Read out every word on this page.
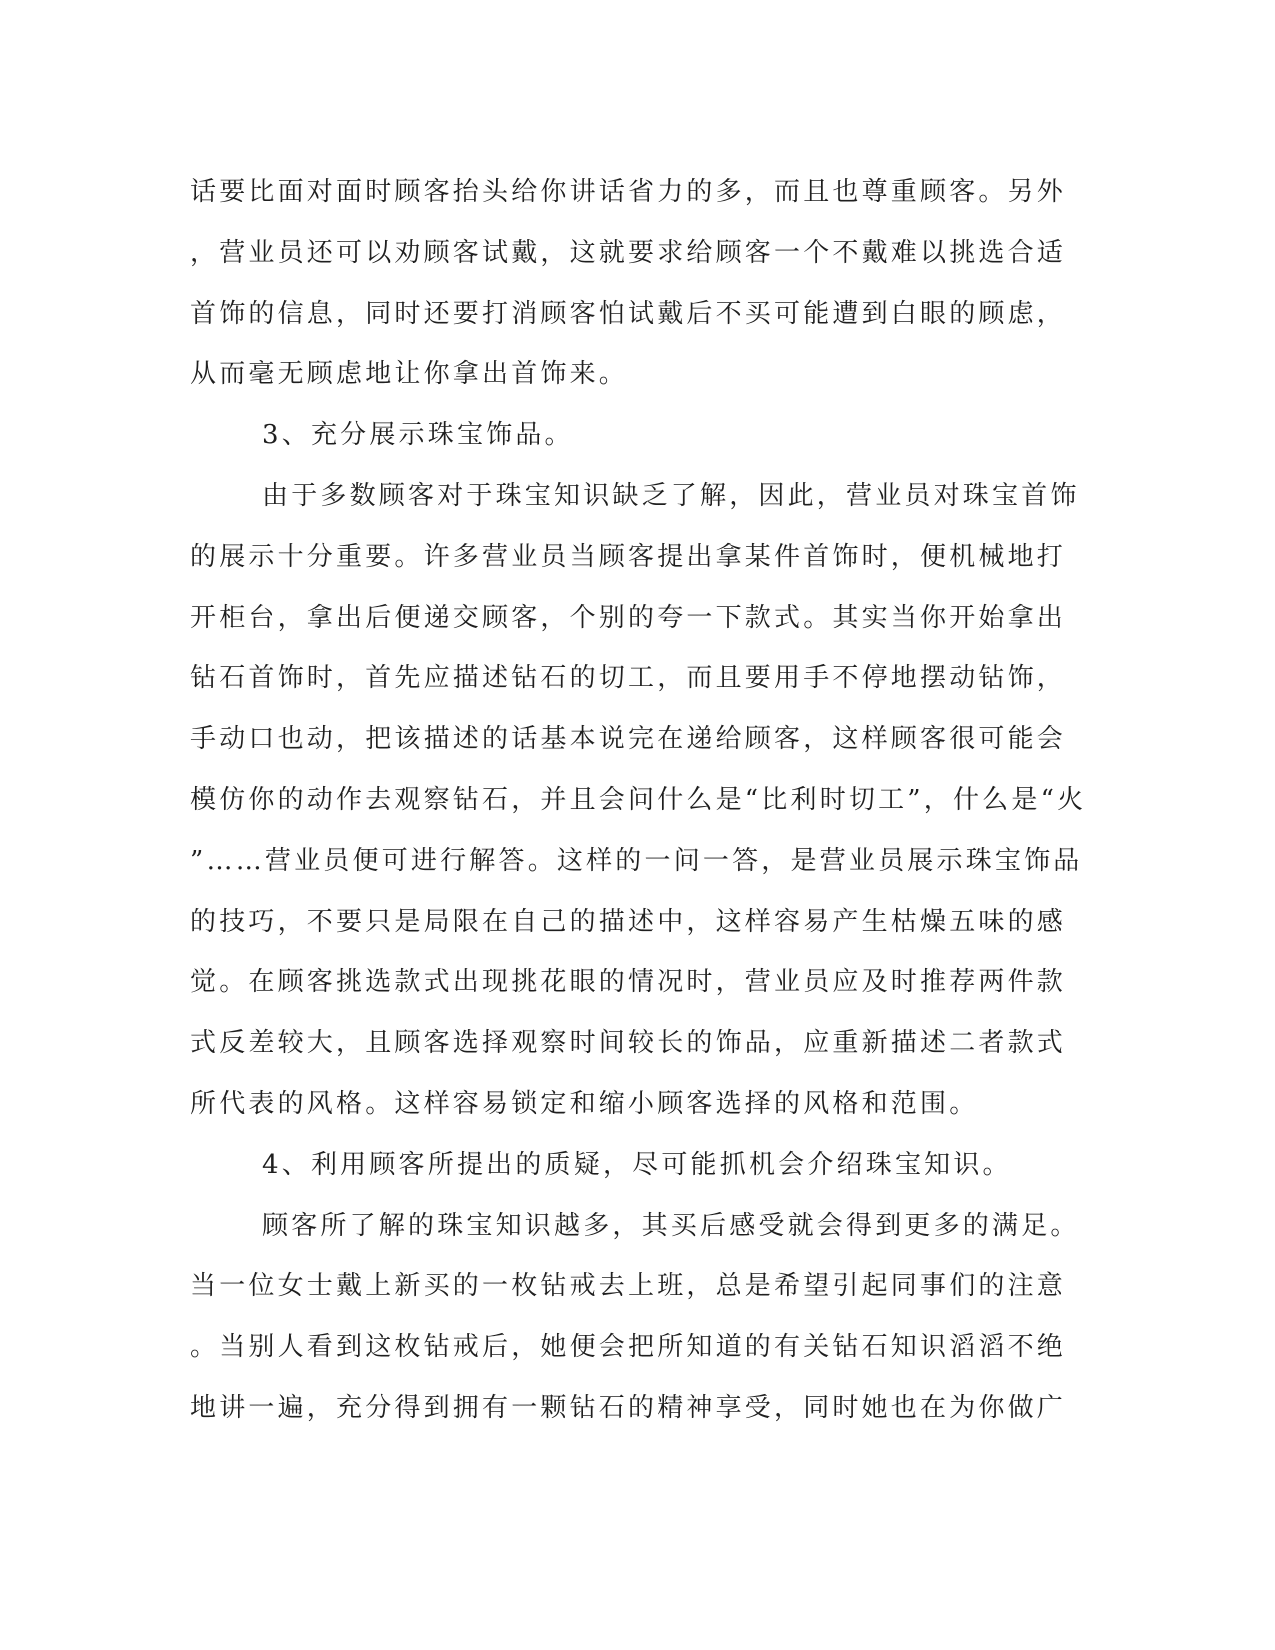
话要比面对面时顾客抬头给你讲话省力的多，而且也尊重顾客。另外
，营业员还可以劝顾客试戴，这就要求给顾客一个不戴难以挑选合适
首饰的信息，同时还要打消顾客怕试戴后不买可能遭到白眼的顾虑，
从而毫无顾虑地让你拿出首饰来。
3、充分展示珠宝饰品。
由于多数顾客对于珠宝知识缺乏了解，因此，营业员对珠宝首饰
的展示十分重要。许多营业员当顾客提出拿某件首饰时，便机械地打
开柜台，拿出后便递交顾客，个别的夸一下款式。其实当你开始拿出
钻石首饰时，首先应描述钻石的切工，而且要用手不停地摆动钻饰，
手动口也动，把该描述的话基本说完在递给顾客，这样顾客很可能会
模仿你的动作去观察钻石，并且会问什么是“比利时切工”，什么是“火
”……营业员便可进行解答。这样的一问一答，是营业员展示珠宝饰品
的技巧，不要只是局限在自己的描述中，这样容易产生枯燥五味的感
觉。在顾客挑选款式出现挑花眼的情况时，营业员应及时推荐两件款
式反差较大，且顾客选择观察时间较长的饰品，应重新描述二者款式
所代表的风格。这样容易锁定和缩小顾客选择的风格和范围。
4、利用顾客所提出的质疑，尽可能抓机会介绍珠宝知识。
顾客所了解的珠宝知识越多，其买后感受就会得到更多的满足。
当一位女士戴上新买的一枚钻戒去上班，总是希望引起同事们的注意
。当别人看到这枚钻戒后，她便会把所知道的有关钻石知识滔滔不绝
地讲一遍，充分得到拥有一颗钻石的精神享受，同时她也在为你做广
